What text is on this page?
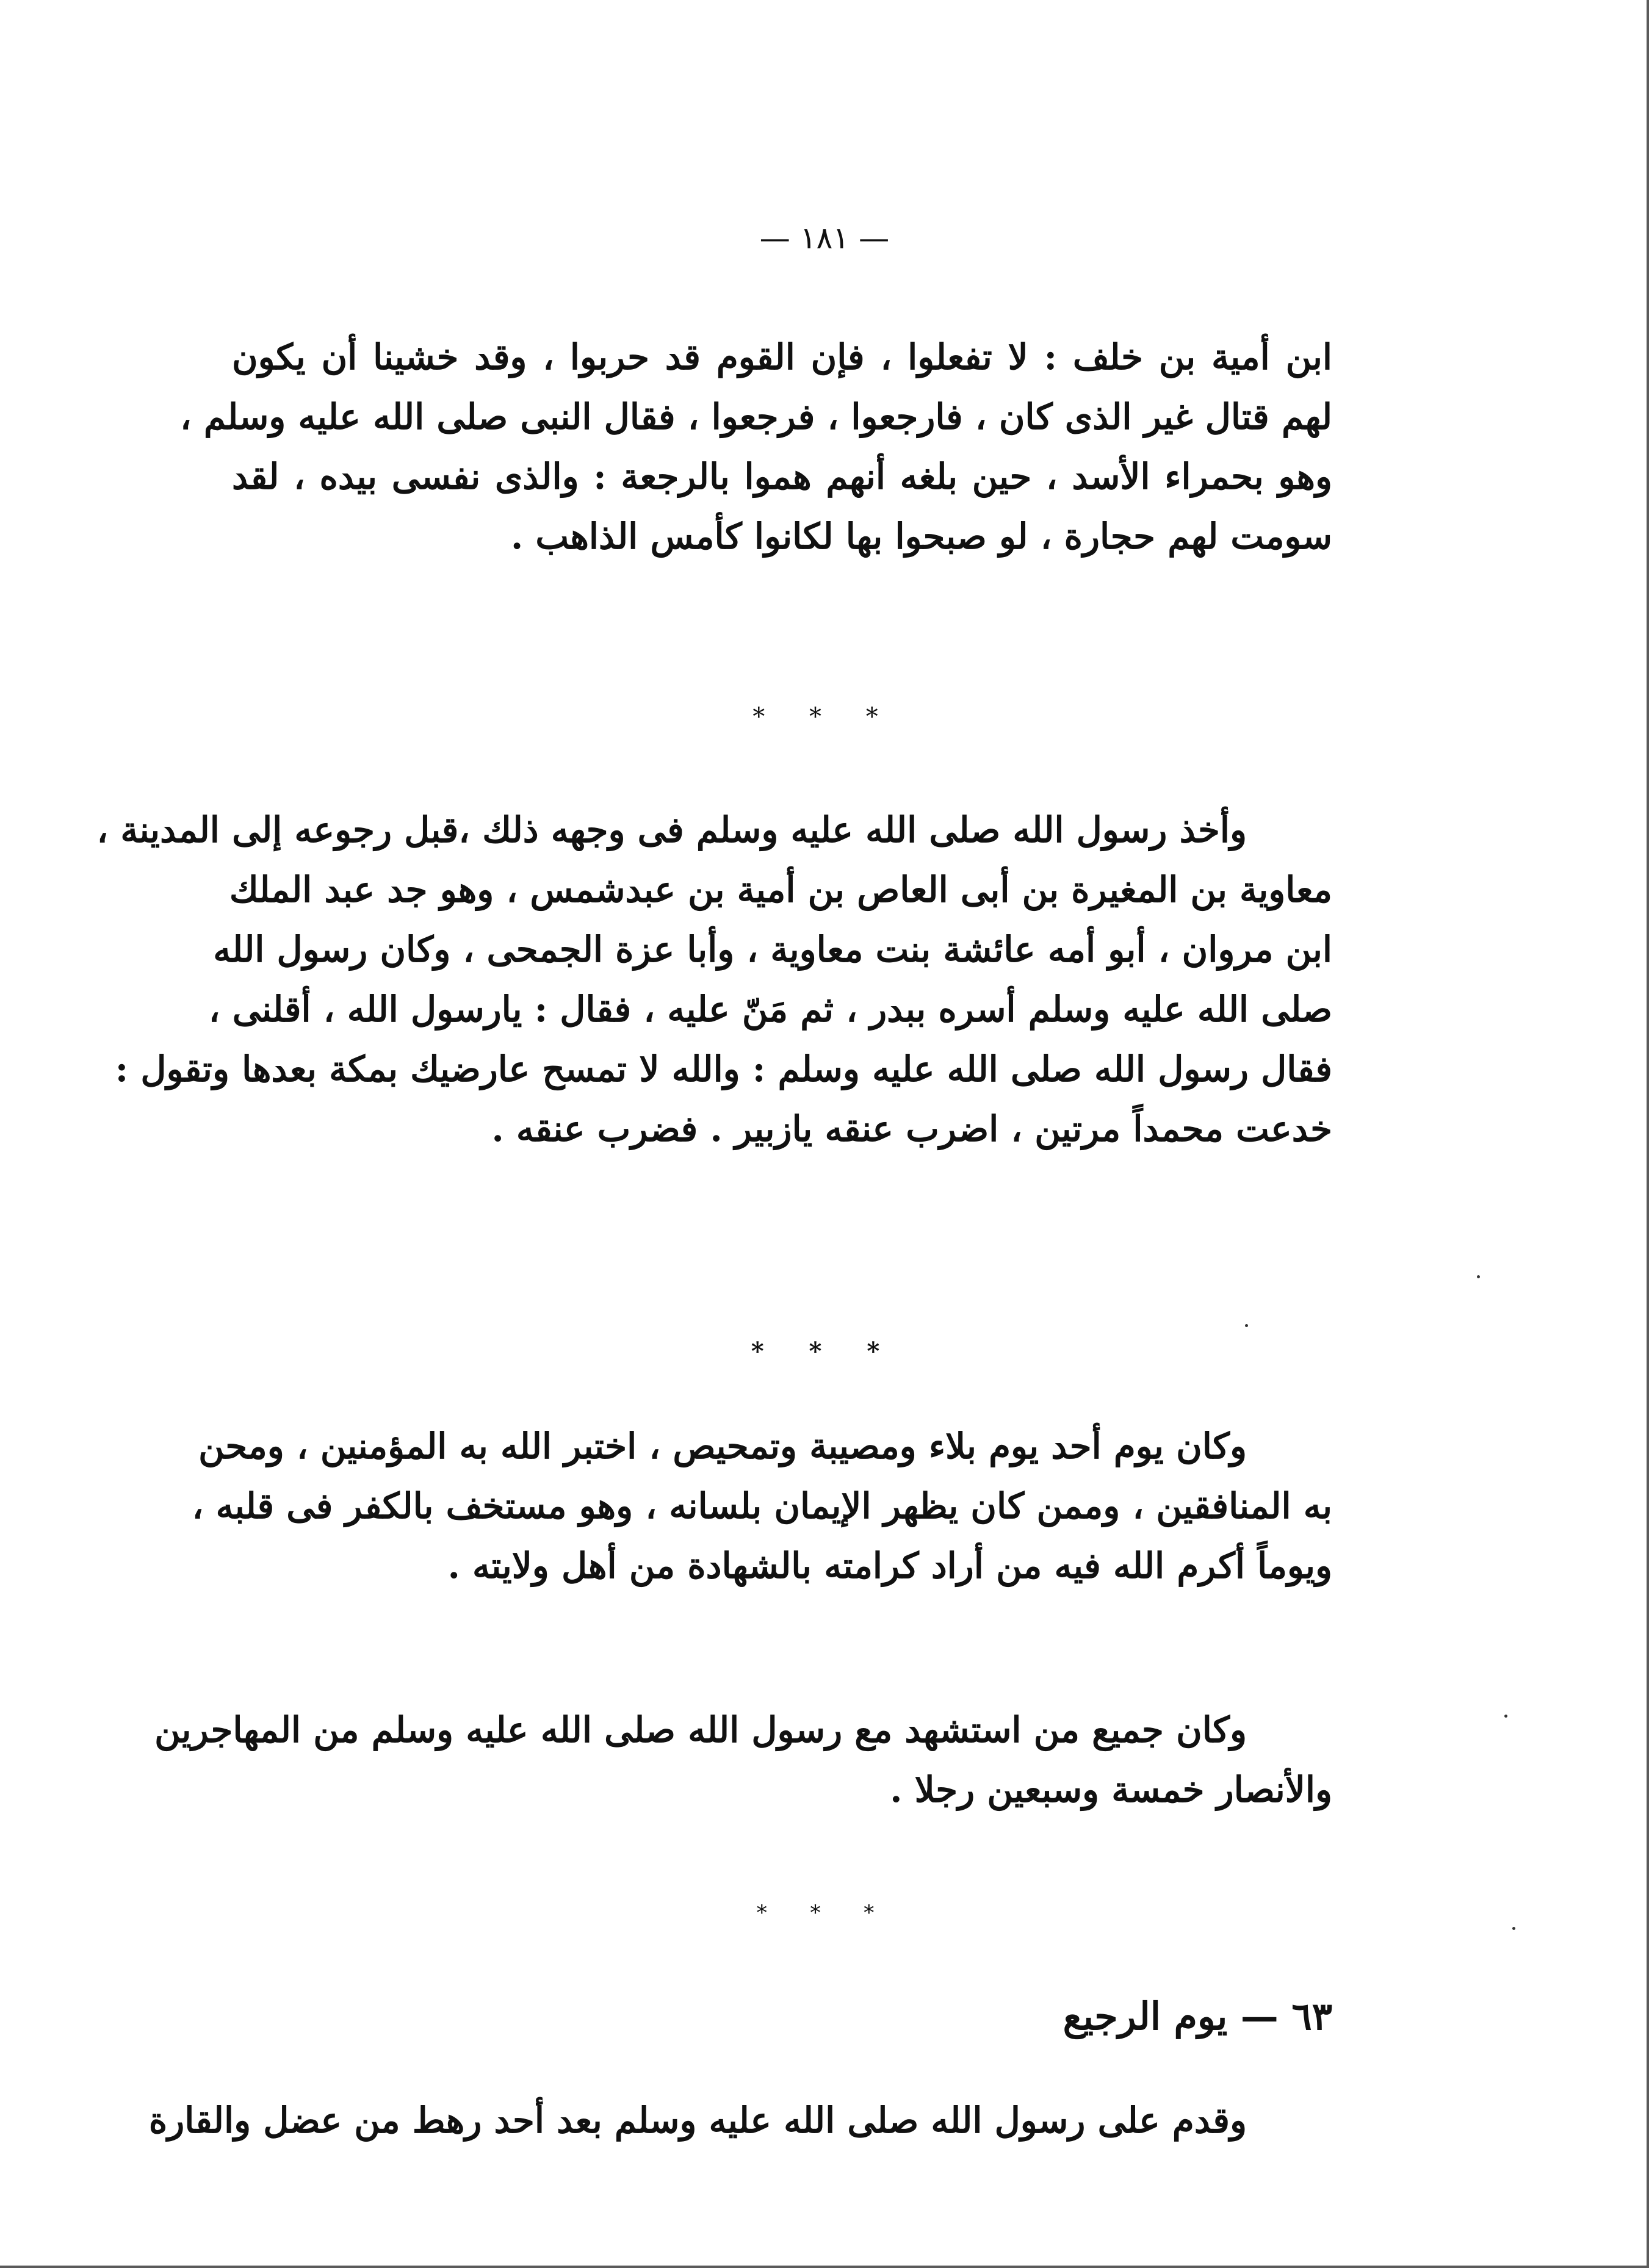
— ١٨١ —
ابن أمية بن خلف : لا تفعلوا ، فإن القوم قد حربوا ، وقد خشينا أن يكون
لهم قتال غير الذى كان ، فارجعوا ، فرجعوا ، فقال النبى صلى الله عليه وسلم ،
وهو بحمراء الأسد ، حين بلغه أنهم هموا بالرجعة : والذى نفسى بيده ، لقد
سومت لهم حجارة ، لو صبحوا بها لكانوا كأمس الذاهب .
* * *
وأخذ رسول الله صلى الله عليه وسلم فى وجهه ذلك ،قبل رجوعه إلى المدينة ،
معاوية بن المغيرة بن أبى العاص بن أمية بن عبدشمس ، وهو جد عبد الملك
ابن مروان ، أبو أمه عائشة بنت معاوية ، وأبا عزة الجمحى ، وكان رسول الله
صلى الله عليه وسلم أسره ببدر ، ثم مَنّ عليه ، فقال : يارسول الله ، أقلنى ،
فقال رسول الله صلى الله عليه وسلم : والله لا تمسح عارضيك بمكة بعدها وتقول :
خدعت محمداً مرتين ، اضرب عنقه يازبير . فضرب عنقه .
* * *
وكان يوم أحد يوم بلاء ومصيبة وتمحيص ، اختبر الله به المؤمنين ، ومحن
به المنافقين ، وممن كان يظهر الإيمان بلسانه ، وهو مستخف بالكفر فى قلبه ،
ويوماً أكرم الله فيه من أراد كرامته بالشهادة من أهل ولايته .
وكان جميع من استشهد مع رسول الله صلى الله عليه وسلم من المهاجرين
والأنصار خمسة وسبعين رجلا .
* * *
٦٣ — يوم الرجيع
وقدم على رسول الله صلى الله عليه وسلم بعد أحد رهط من عضل والقارة
